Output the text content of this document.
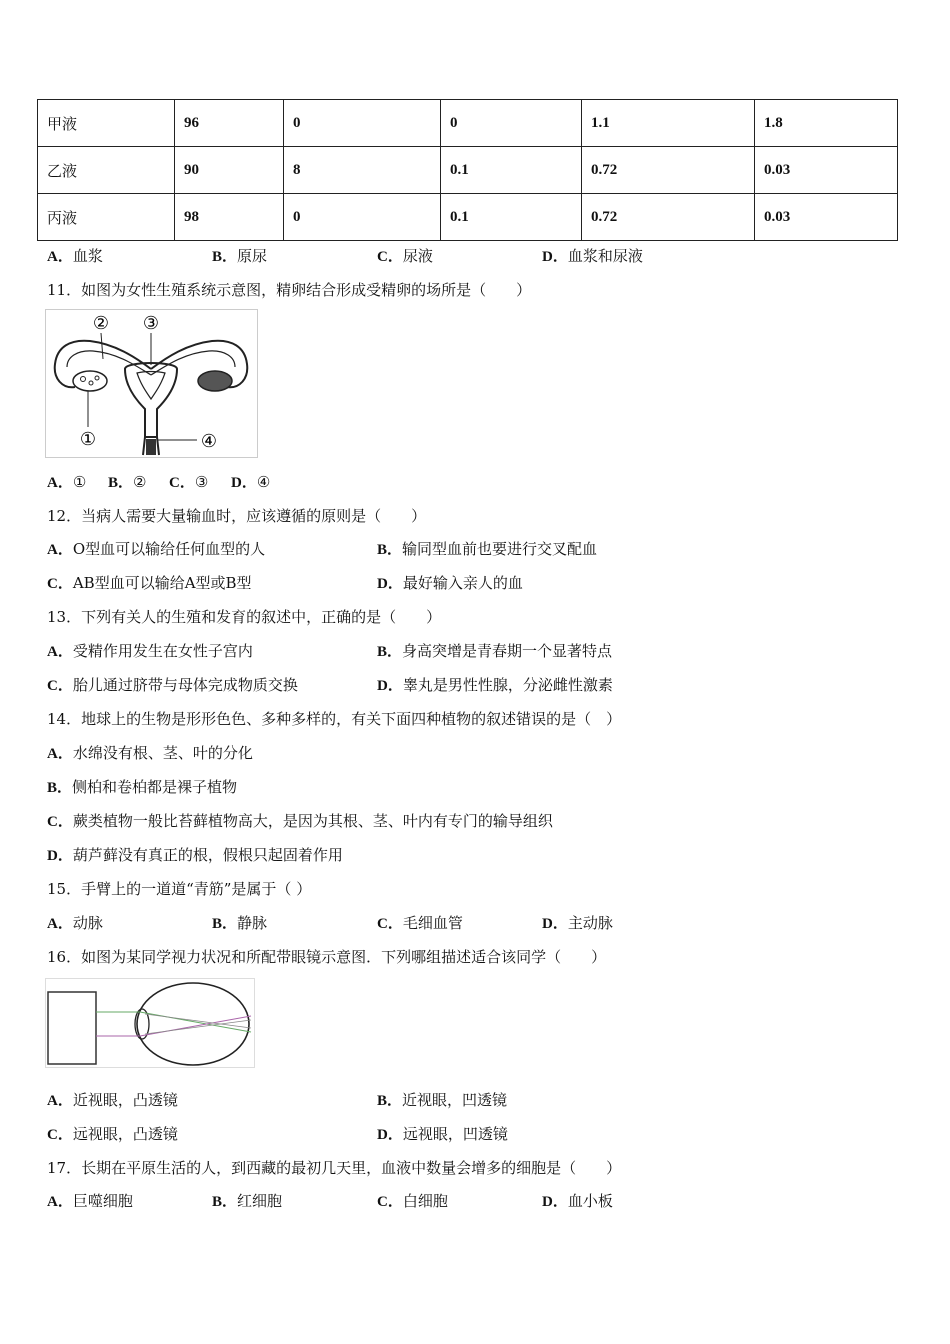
甲液	96	0	0	1.1	1.8
乙液	90	8	0.1	0.72	0.03
丙液	98	0	0.1	0.72	0.03
A．血浆	B．原尿	C．尿液	D．血浆和尿液
11．如图为女性生殖系统示意图，精卵结合形成受精卵的场所是（　　）
①
② ③
④
A．① B．② C．③ D．④
12．当病人需要大量输血时，应该遵循的原则是（　　）
A．O型血可以输给任何血型的人	B．输同型血前也要进行交叉配血
C．AB型血可以输给A型或B型	D．最好输入亲人的血
13．下列有关人的生殖和发育的叙述中，正确的是（　　）
A．受精作用发生在女性子宫内	B．身高突增是青春期一个显著特点
C．胎儿通过脐带与母体完成物质交换	D．睾丸是男性性腺，分泌雌性激素
14．地球上的生物是形形色色、多种多样的，有关下面四种植物的叙述错误的是（　）
A．水绵没有根、茎、叶的分化
B．侧柏和卷柏都是裸子植物
C．蕨类植物一般比苔藓植物高大，是因为其根、茎、叶内有专门的输导组织
D．葫芦藓没有真正的根，假根只起固着作用
15．手臂上的一道道“青筋”是属于（ ）
A．动脉	B．静脉	C．毛细血管	D．主动脉
16．如图为某同学视力状况和所配带眼镜示意图．下列哪组描述适合该同学（　　）
A．近视眼，凸透镜	B．近视眼，凹透镜
C．远视眼，凸透镜	D．远视眼，凹透镜
17．长期在平原生活的人，到西藏的最初几天里，血液中数量会增多的细胞是（　　）
A．巨噬细胞	B．红细胞	C．白细胞	D．血小板
